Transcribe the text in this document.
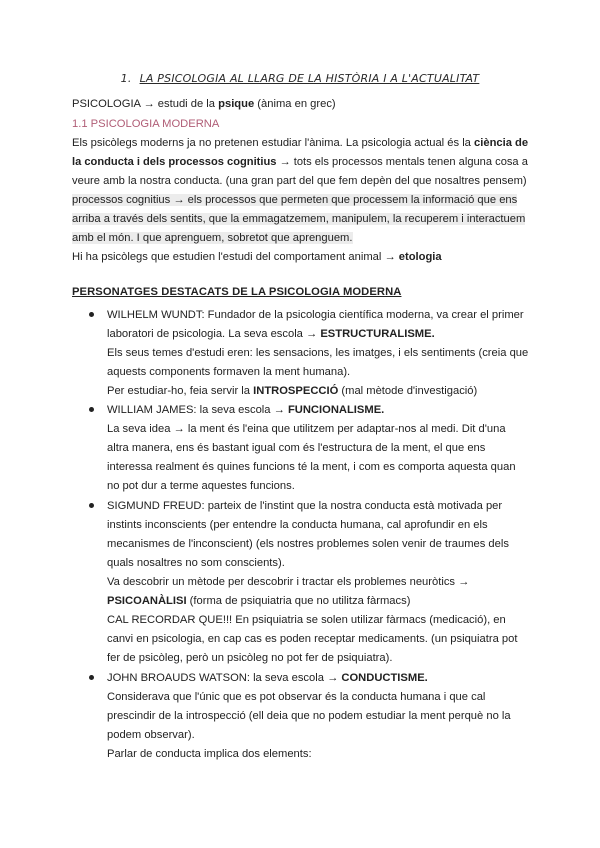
1. LA PSICOLOGIA AL LLARG DE LA HISTÒRIA I A L'ACTUALITAT
PSICOLOGIA → estudi de la psique (ànima en grec)
1.1 PSICOLOGIA MODERNA
Els psicòlegs moderns ja no pretenen estudiar l'ànima. La psicologia actual és la ciència de
la conducta i dels processos cognitius → tots els processos mentals tenen alguna cosa a
veure amb la nostra conducta. (una gran part del que fem depèn del que nosaltres pensem)
processos cognitius → els processos que permeten que processem la informació que ens
arriba a través dels sentits, que la emmagatzemem, manipulem, la recuperem i interactuem
amb el món. I que aprenguem, sobretot que aprenguem.
Hi ha psicòlegs que estudien l'estudi del comportament animal → etologia
PERSONATGES DESTACATS DE LA PSICOLOGIA MODERNA
WILHELM WUNDT: Fundador de la psicologia científica moderna, va crear el primer
laboratori de psicologia. La seva escola → ESTRUCTURALISME.
Els seus temes d'estudi eren: les sensacions, les imatges, i els sentiments (creia que
aquests components formaven la ment humana).
Per estudiar-ho, feia servir la INTROSPECCIÓ (mal mètode d'investigació)
WILLIAM JAMES: la seva escola → FUNCIONALISME.
La seva idea → la ment és l'eina que utilitzem per adaptar-nos al medi. Dit d'una
altra manera, ens és bastant igual com és l'estructura de la ment, el que ens
interessa realment és quines funcions té la ment, i com es comporta aquesta quan
no pot dur a terme aquestes funcions.
SIGMUND FREUD: parteix de l'instint que la nostra conducta està motivada per
instints inconscients (per entendre la conducta humana, cal aprofundir en els
mecanismes de l'inconscient) (els nostres problemes solen venir de traumes dels
quals nosaltres no som conscients).
Va descobrir un mètode per descobrir i tractar els problemes neuròtics →
PSICOANÀLISI (forma de psiquiatria que no utilitza fàrmacs)
CAL RECORDAR QUE!!! En psiquiatria se solen utilizar fàrmacs (medicació), en
canvi en psicologia, en cap cas es poden receptar medicaments. (un psiquiatra pot
fer de psicòleg, però un psicòleg no pot fer de psiquiatra).
JOHN BROAUDS WATSON: la seva escola → CONDUCTISME.
Considerava que l'únic que es pot observar és la conducta humana i que cal
prescindir de la introspecció (ell deia que no podem estudiar la ment perquè no la
podem observar).
Parlar de conducta implica dos elements:
